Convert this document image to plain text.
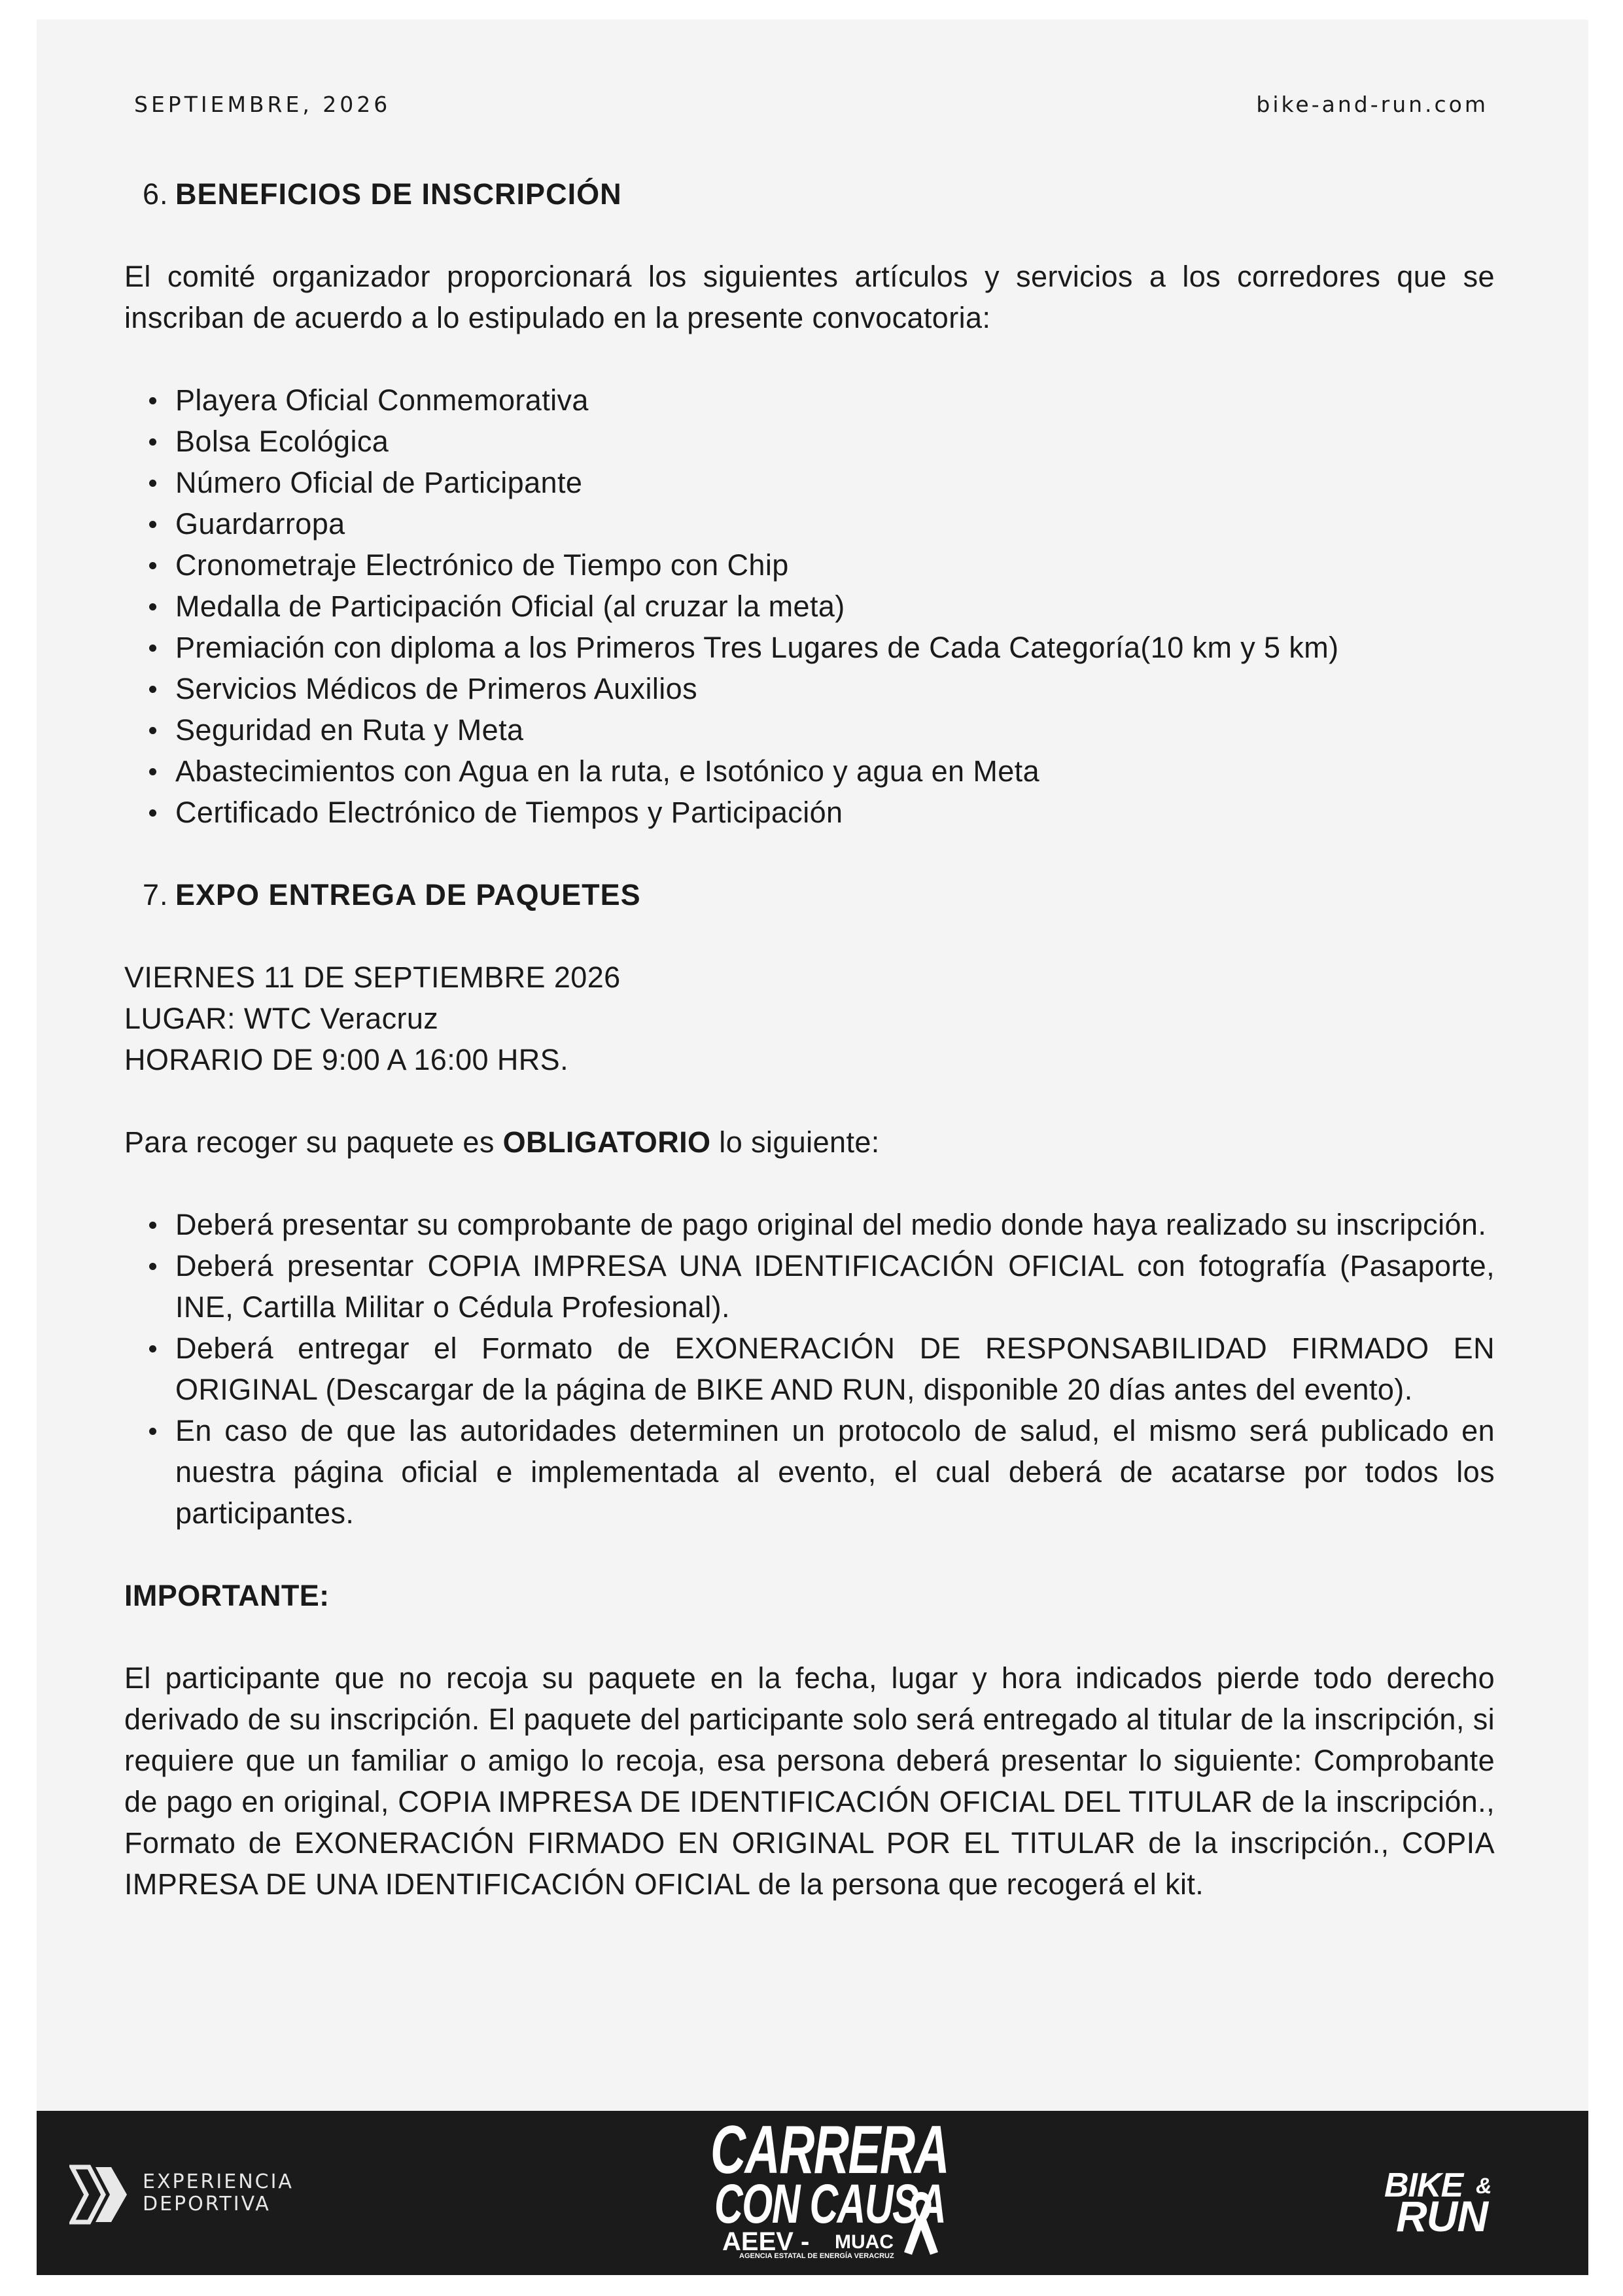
SEPTIEMBRE, 2026	bike-and-run.com
6. BENEFICIOS DE INSCRIPCIÓN

El comité organizador proporcionará los siguientes artículos y servicios a los corredores que se inscriban de acuerdo a lo estipulado en la presente convocatoria:

Playera Oficial Conmemorativa
Bolsa Ecológica
Número Oficial de Participante
Guardarropa
Cronometraje Electrónico de Tiempo con Chip
Medalla de Participación Oficial (al cruzar la meta)
Premiación con diploma a los Primeros Tres Lugares de Cada Categoría(10 km y 5 km)
Servicios Médicos de Primeros Auxilios
Seguridad en Ruta y Meta
Abastecimientos con Agua en la ruta, e Isotónico y agua en Meta
Certificado Electrónico de Tiempos y Participación
7. EXPO ENTREGA DE PAQUETES
VIERNES 11 DE SEPTIEMBRE 2026
LUGAR: WTC Veracruz
HORARIO DE 9:00 A 16:00 HRS.

Para recoger su paquete es OBLIGATORIO lo siguiente:

Deberá presentar su comprobante de pago original del medio donde haya realizado su inscripción.
Deberá presentar COPIA IMPRESA UNA IDENTIFICACIÓN OFICIAL con fotografía (Pasaporte, INE, Cartilla Militar o Cédula Profesional).
Deberá entregar el Formato de EXONERACIÓN DE RESPONSABILIDAD FIRMADO EN ORIGINAL (Descargar de la página de BIKE AND RUN, disponible 20 días antes del evento).
En caso de que las autoridades determinen un protocolo de salud, el mismo será publicado en nuestra página oficial e implementada al evento, el cual deberá de acatarse por todos los participantes.

IMPORTANTE:

El participante que no recoja su paquete en la fecha, lugar y hora indicados pierde todo derecho derivado de su inscripción. El paquete del participante solo será entregado al titular de la inscripción, si requiere que un familiar o amigo lo recoja, esa persona deberá presentar lo siguiente: Comprobante de pago en original, COPIA IMPRESA DE IDENTIFICACIÓN OFICIAL DEL TITULAR de la inscripción., Formato de EXONERACIÓN FIRMADO EN ORIGINAL POR EL TITULAR de la inscripción., COPIA IMPRESA DE UNA IDENTIFICACIÓN OFICIAL de la persona que recogerá el kit.

EXPERIENCIA
DEPORTIVA
CARRERA
CON CAUSA
AEEV - MUAC
AGENCIA ESTATAL DE ENERGÍA VERACRUZ
BIKE &
RUN
